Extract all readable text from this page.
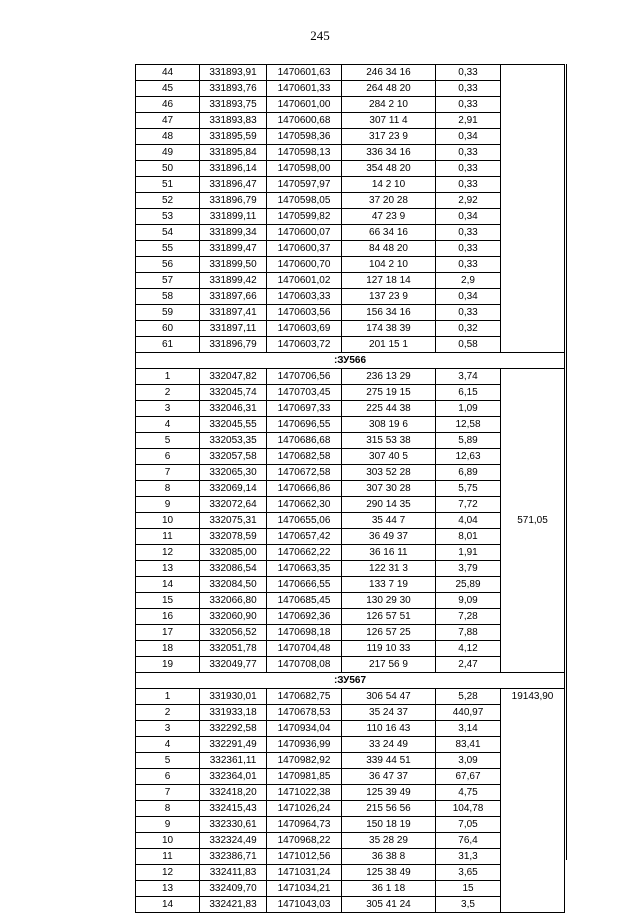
245
44	331893,91	1470601,63	246 34 16	0,33	
45	331893,76	1470601,33	264 48 20	0,33	
46	331893,75	1470601,00	284 2 10	0,33	
47	331893,83	1470600,68	307 11 4	2,91	
48	331895,59	1470598,36	317 23 9	0,34	
49	331895,84	1470598,13	336 34 16	0,33	
50	331896,14	1470598,00	354 48 20	0,33	
51	331896,47	1470597,97	14 2 10	0,33	
52	331896,79	1470598,05	37 20 28	2,92	
53	331899,11	1470599,82	47 23 9	0,34	
54	331899,34	1470600,07	66 34 16	0,33	
55	331899,47	1470600,37	84 48 20	0,33	
56	331899,50	1470600,70	104 2 10	0,33	
57	331899,42	1470601,02	127 18 14	2,9	
58	331897,66	1470603,33	137 23 9	0,34	
59	331897,41	1470603,56	156 34 16	0,33	
60	331897,11	1470603,69	174 38 39	0,32	
61	331896,79	1470603,72	201 15 1	0,58	
:ЗУ566					
1	332047,82	1470706,56	236 13 29	3,74	571,05
2	332045,74	1470703,45	275 19 15	6,15	
3	332046,31	1470697,33	225 44 38	1,09	
4	332045,55	1470696,55	308 19 6	12,58	
5	332053,35	1470686,68	315 53 38	5,89	
6	332057,58	1470682,58	307 40 5	12,63	
7	332065,30	1470672,58	303 52 28	6,89	
8	332069,14	1470666,86	307 30 28	5,75	
9	332072,64	1470662,30	290 14 35	7,72	
10	332075,31	1470655,06	35 44 7	4,04	
11	332078,59	1470657,42	36 49 37	8,01	
12	332085,00	1470662,22	36 16 11	1,91	
13	332086,54	1470663,35	122 31 3	3,79	
14	332084,50	1470666,55	133 7 19	25,89	
15	332066,80	1470685,45	130 29 30	9,09	
16	332060,90	1470692,36	126 57 51	7,28	
17	332056,52	1470698,18	126 57 25	7,88	
18	332051,78	1470704,48	119 10 33	4,12	
19	332049,77	1470708,08	217 56 9	2,47	
:ЗУ567					
1	331930,01	1470682,75	306 54 47	5,28	19143,90
2	331933,18	1470678,53	35 24 37	440,97	
3	332292,58	1470934,04	110 16 43	3,14	
4	332291,49	1470936,99	33 24 49	83,41	
5	332361,11	1470982,92	339 44 51	3,09	
6	332364,01	1470981,85	36 47 37	67,67	
7	332418,20	1471022,38	125 39 49	4,75	
8	332415,43	1471026,24	215 56 56	104,78	
9	332330,61	1470964,73	150 18 19	7,05	
10	332324,49	1470968,22	35 28 29	76,4	
11	332386,71	1471012,56	36 38 8	31,3	
12	332411,83	1471031,24	125 38 49	3,65	
13	332409,70	1471034,21	36 1 18	15	
14	332421,83	1471043,03	305 41 24	3,5	
